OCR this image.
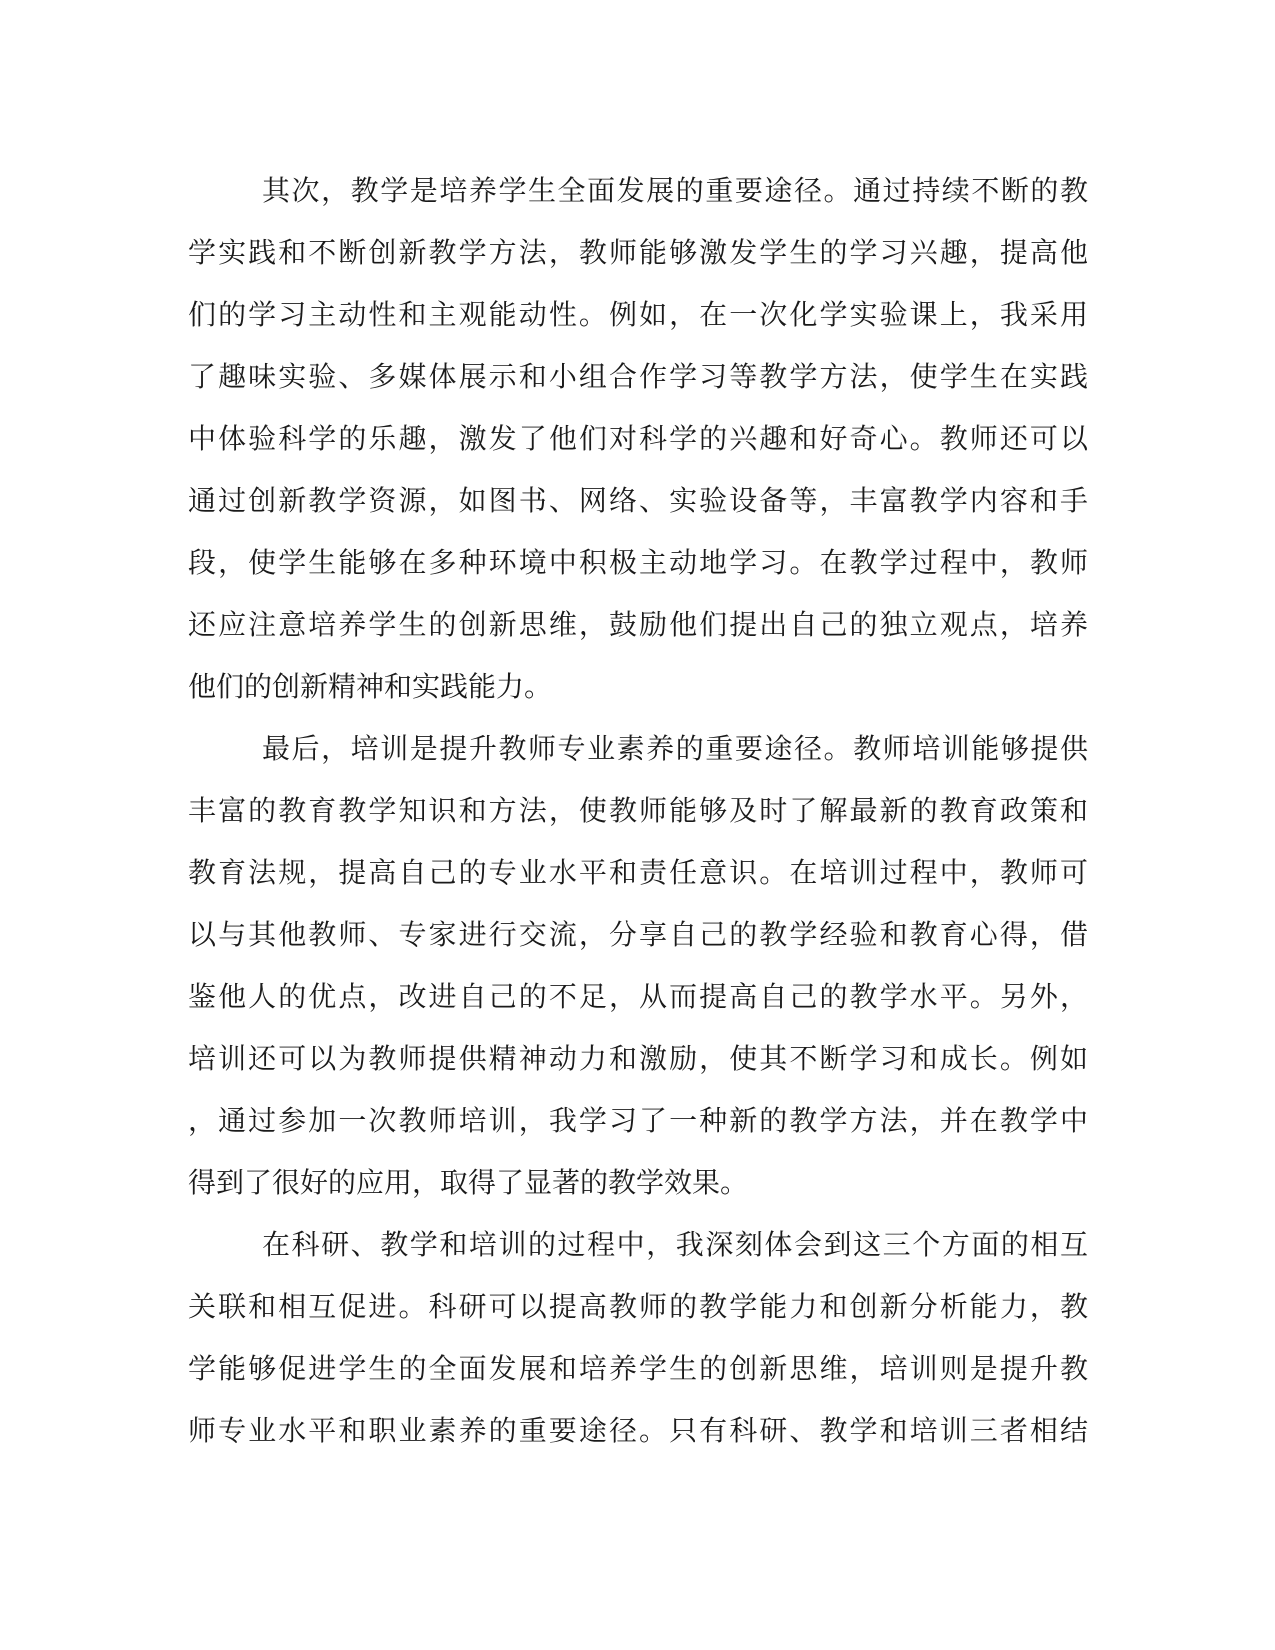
其次，教学是培养学生全面发展的重要途径。通过持续不断的教
学实践和不断创新教学方法，教师能够激发学生的学习兴趣，提高他
们的学习主动性和主观能动性。例如，在一次化学实验课上，我采用
了趣味实验、多媒体展示和小组合作学习等教学方法，使学生在实践
中体验科学的乐趣，激发了他们对科学的兴趣和好奇心。教师还可以
通过创新教学资源，如图书、网络、实验设备等，丰富教学内容和手
段，使学生能够在多种环境中积极主动地学习。在教学过程中，教师
还应注意培养学生的创新思维，鼓励他们提出自己的独立观点，培养
他们的创新精神和实践能力。
最后，培训是提升教师专业素养的重要途径。教师培训能够提供
丰富的教育教学知识和方法，使教师能够及时了解最新的教育政策和
教育法规，提高自己的专业水平和责任意识。在培训过程中，教师可
以与其他教师、专家进行交流，分享自己的教学经验和教育心得，借
鉴他人的优点，改进自己的不足，从而提高自己的教学水平。另外，
培训还可以为教师提供精神动力和激励，使其不断学习和成长。例如
，通过参加一次教师培训，我学习了一种新的教学方法，并在教学中
得到了很好的应用，取得了显著的教学效果。
在科研、教学和培训的过程中，我深刻体会到这三个方面的相互
关联和相互促进。科研可以提高教师的教学能力和创新分析能力，教
学能够促进学生的全面发展和培养学生的创新思维，培训则是提升教
师专业水平和职业素养的重要途径。只有科研、教学和培训三者相结
